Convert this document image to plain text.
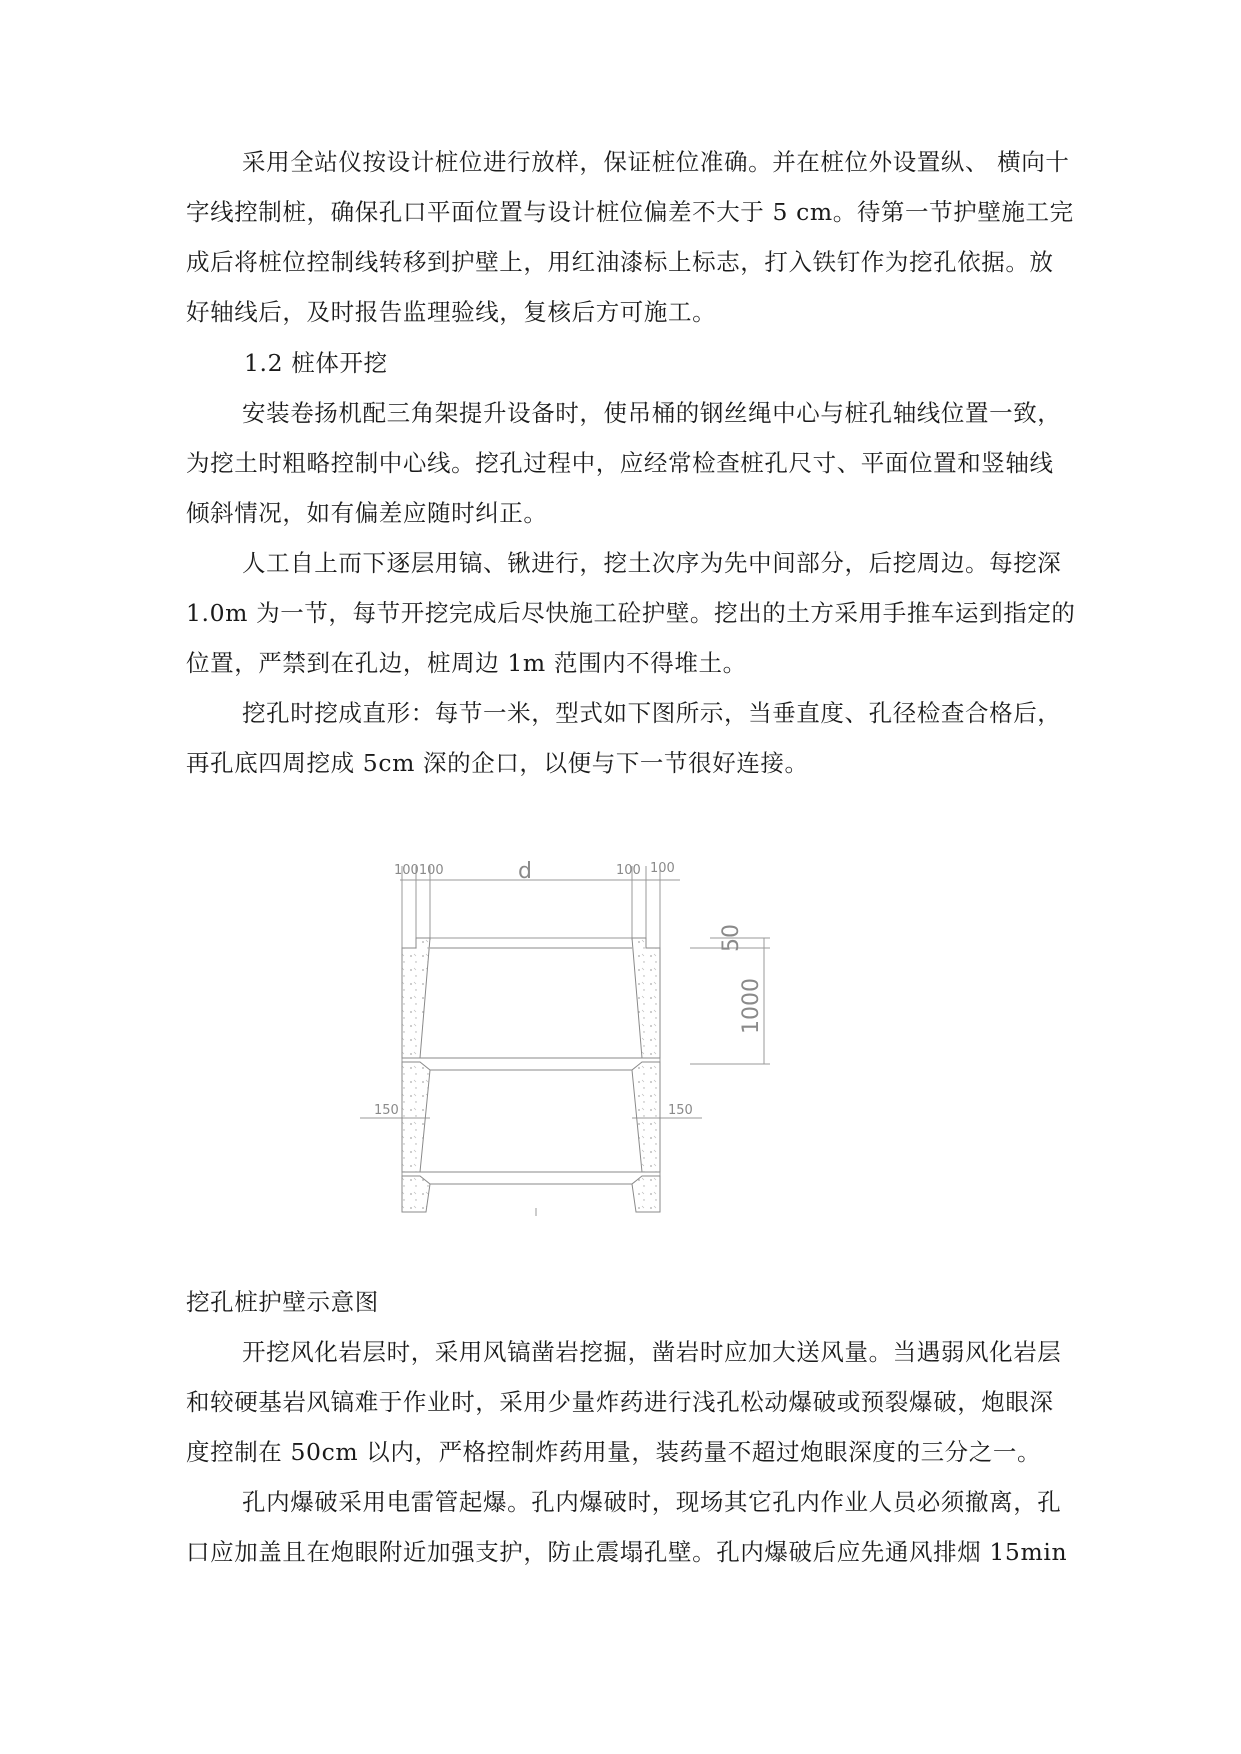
采用全站仪按设计桩位进行放样，保证桩位准确。并在桩位外设置纵、 横向十
字线控制桩，确保孔口平面位置与设计桩位偏差不大于 5 cm。待第一节护壁施工完
成后将桩位控制线转移到护壁上，用红油漆标上标志，打入铁钉作为挖孔依据。放
好轴线后，及时报告监理验线，复核后方可施工。
1.2 桩体开挖
安装卷扬机配三角架提升设备时，使吊桶的钢丝绳中心与桩孔轴线位置一致，
为挖土时粗略控制中心线。挖孔过程中，应经常检查桩孔尺寸、平面位置和竖轴线
倾斜情况，如有偏差应随时纠正。
人工自上而下逐层用镐、锹进行，挖土次序为先中间部分，后挖周边。每挖深
1.0m 为一节，每节开挖完成后尽快施工砼护壁。挖出的土方采用手推车运到指定的
位置，严禁到在孔边，桩周边 1m 范围内不得堆土。
挖孔时挖成直形：每节一米，型式如下图所示，当垂直度、孔径检查合格后，
再孔底四周挖成 5cm 深的企口，以便与下一节很好连接。
100100	d	100 100
50
1000
150	150
挖孔桩护壁示意图
开挖风化岩层时，采用风镐凿岩挖掘，凿岩时应加大送风量。当遇弱风化岩层
和较硬基岩风镐难于作业时，采用少量炸药进行浅孔松动爆破或预裂爆破，炮眼深
度控制在 50cm 以内，严格控制炸药用量，装药量不超过炮眼深度的三分之一。
孔内爆破采用电雷管起爆。孔内爆破时，现场其它孔内作业人员必须撤离，孔
口应加盖且在炮眼附近加强支护，防止震塌孔壁。孔内爆破后应先通风排烟 15min
